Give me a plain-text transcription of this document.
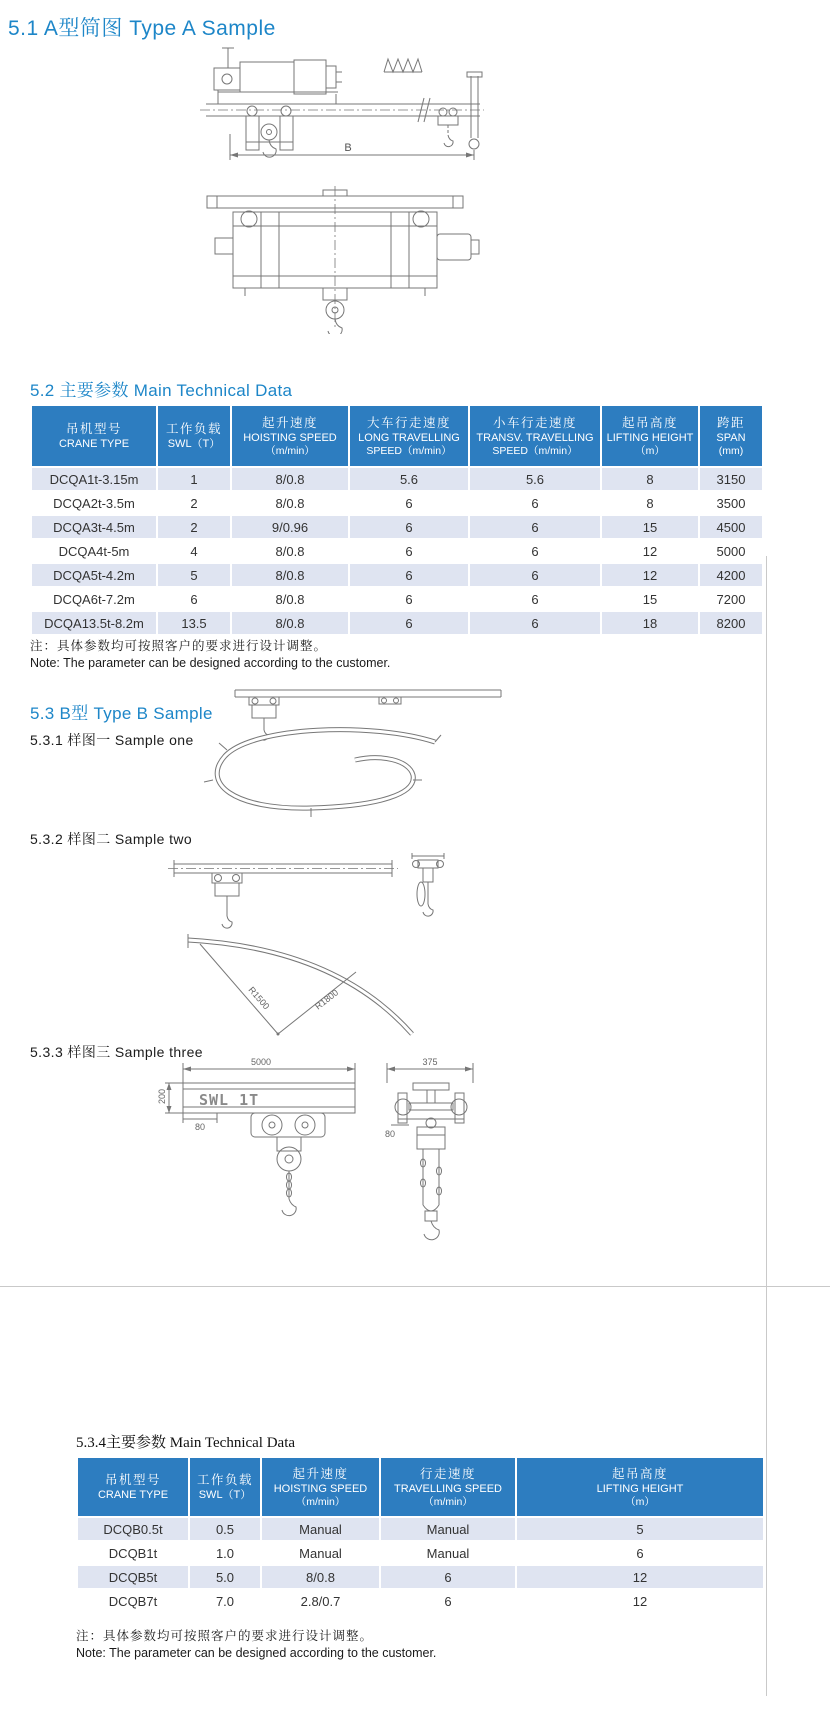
5.1 A型简图 Type A Sample
B
5.2 主要参数 Main Technical Data
吊机型号
CRANE TYPE

工作负载
SWL（T）

起升速度
HOISTING SPEED
（m/min）

大车行走速度
LONG TRAVELLING
SPEED（m/min）

小车行走速度
TRANSV. TRAVELLING
SPEED（m/min）

起吊高度
LIFTING HEIGHT
（m）

跨距
SPAN
(mm)

DCQA1t-3.15m	1	8/0.8	5.6	5.6	8	3150
DCQA2t-3.5m	2	8/0.8	6	6	8	3500
DCQA3t-4.5m	2	9/0.96	6	6	15	4500
DCQA4t-5m	4	8/0.8	6	6	12	5000
DCQA5t-4.2m	5	8/0.8	6	6	12	4200
DCQA6t-7.2m	6	8/0.8	6	6	15	7200
DCQA13.5t-8.2m	13.5	8/0.8	6	6	18	8200
注：具体参数均可按照客户的要求进行设计调整。
Note: The parameter can be designed according to the customer.
5.3 B型 Type B Sample
5.3.1 样图一 Sample one
5.3.2 样图二 Sample two
R1500	R1800
5.3.3 样图三 Sample three
5000
SWL 1T
200
80
375
80
5.3.4主要参数 Main Technical Data
吊机型号
CRANE TYPE

工作负载
SWL（T）

起升速度
HOISTING SPEED
（m/min）

行走速度
TRAVELLING SPEED
（m/min）

起吊高度
LIFTING HEIGHT
（m）

DCQB0.5t	0.5	Manual	Manual	5
DCQB1t	1.0	Manual	Manual	6
DCQB5t	5.0	8/0.8	6	12
DCQB7t	7.0	2.8/0.7	6	12
注：具体参数均可按照客户的要求进行设计调整。
Note: The parameter can be designed according to the customer.
